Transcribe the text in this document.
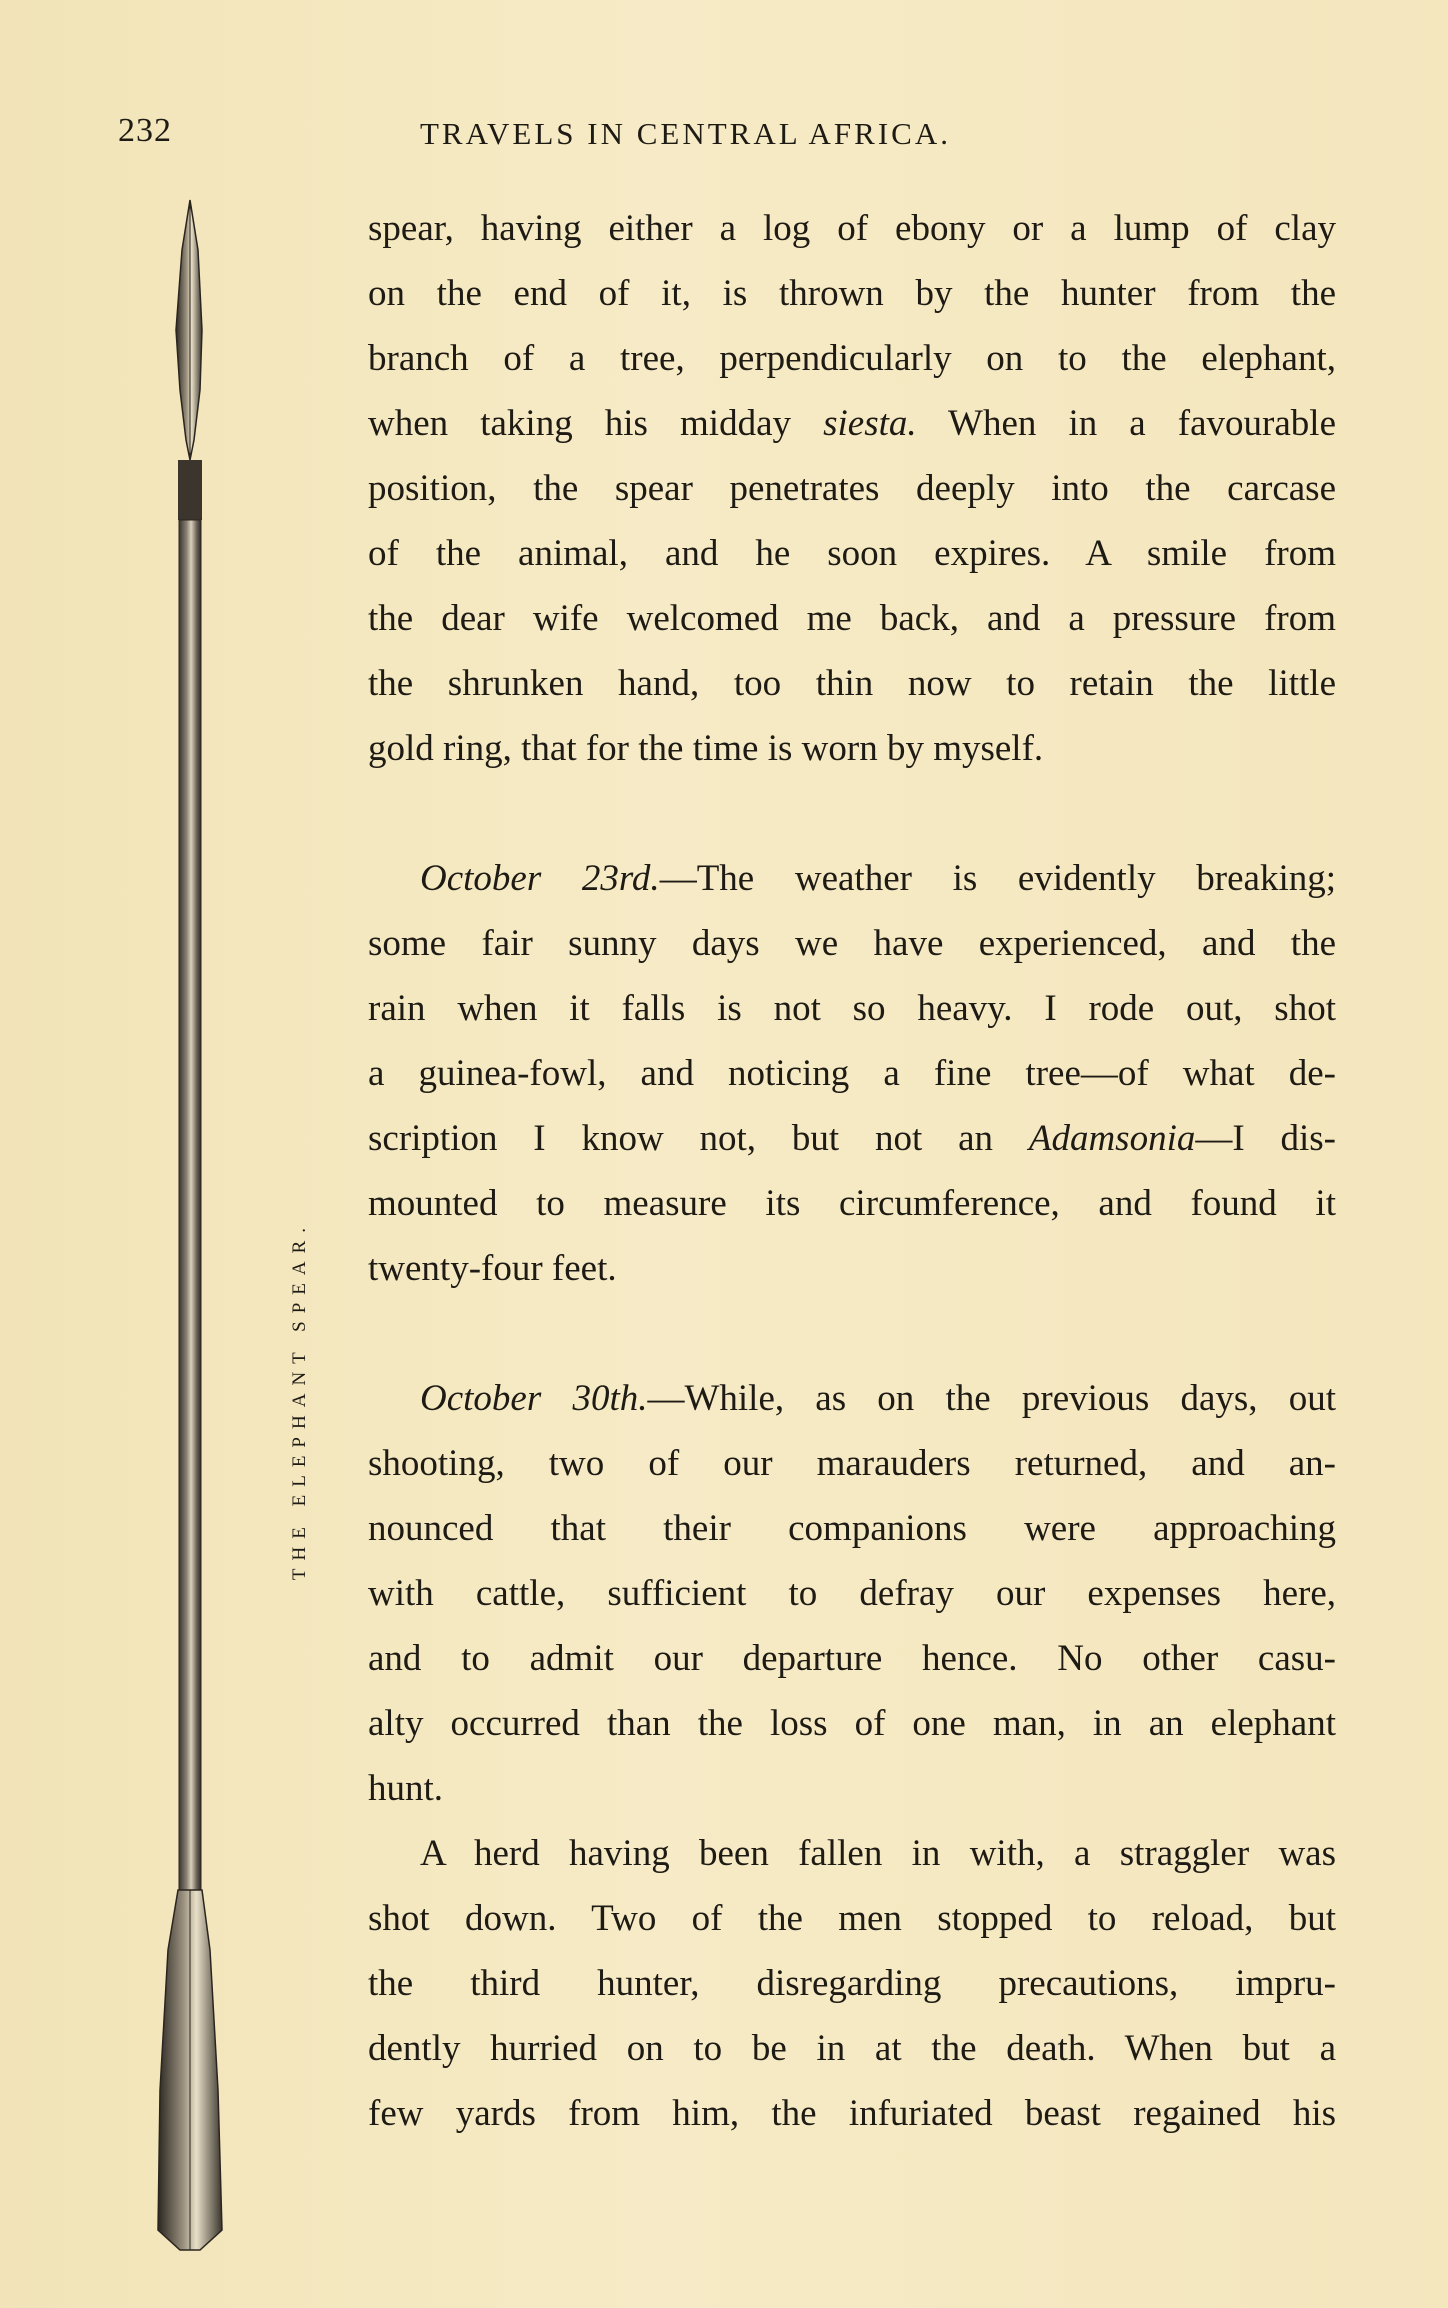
232	TRAVELS IN CENTRAL AFRICA.
THE ELEPHANT SPEAR.

spear, having either a log of ebony or a lump of clay
on the end of it, is thrown by the hunter from the
branch of a tree, perpendicularly on to the elephant,
when taking his midday siesta. When in a favourable
position, the spear penetrates deeply into the carcase
of the animal, and he soon expires. A smile from
the dear wife welcomed me back, and a pressure from
the shrunken hand, too thin now to retain the little
gold ring, that for the time is worn by myself.

October 23rd.—The weather is evidently breaking;
some fair sunny days we have experienced, and the
rain when it falls is not so heavy. I rode out, shot
a guinea-fowl, and noticing a fine tree—of what de-
scription I know not, but not an Adamsonia—I dis-
mounted to measure its circumference, and found it
twenty-four feet.

October 30th.—While, as on the previous days, out
shooting, two of our marauders returned, and an-
nounced that their companions were approaching
with cattle, sufficient to defray our expenses here,
and to admit our departure hence. No other casu-
alty occurred than the loss of one man, in an elephant
hunt.

A herd having been fallen in with, a straggler was
shot down. Two of the men stopped to reload, but
the third hunter, disregarding precautions, impru-
dently hurried on to be in at the death. When but a
few yards from him, the infuriated beast regained his
